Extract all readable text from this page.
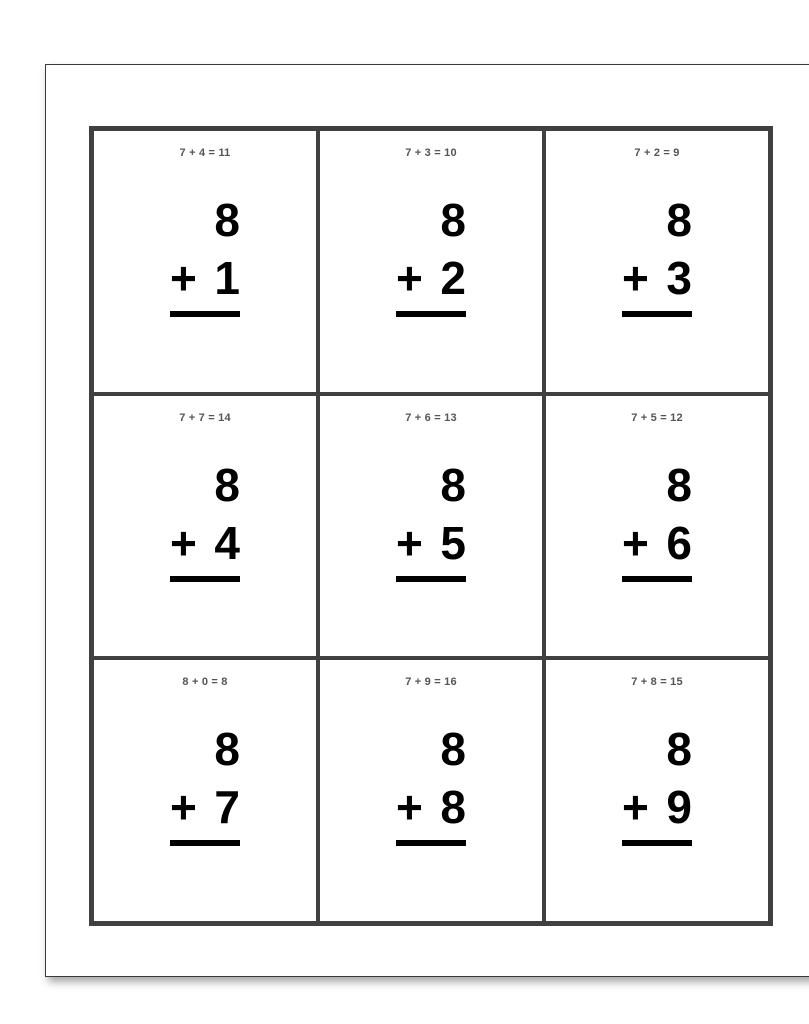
7 + 4 = 11
8
+ 1
7 + 3 = 10
8
+ 2
7 + 2 = 9
8
+ 3
7 + 7 = 14
8
+ 4
7 + 6 = 13
8
+ 5
7 + 5 = 12
8
+ 6
8 + 0 = 8
8
+ 7
7 + 9 = 16
8
+ 8
7 + 8 = 15
8
+ 9
